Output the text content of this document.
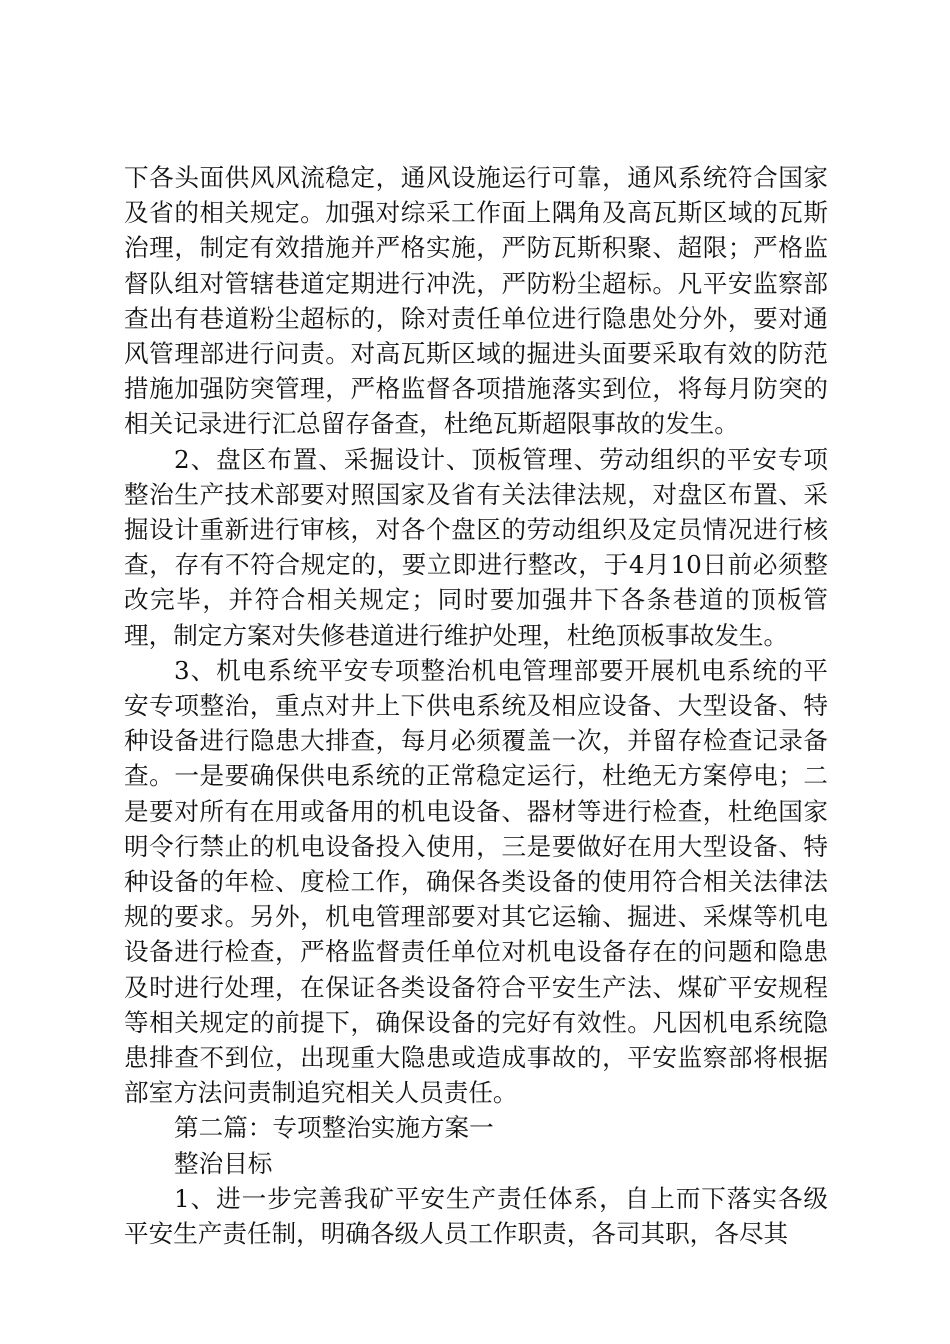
下各头面供风风流稳定，通风设施运行可靠，通风系统符合国家及省的相关规定。加强对综采工作面上隅角及高瓦斯区域的瓦斯治理，制定有效措施并严格实施，严防瓦斯积聚、超限；严格监督队组对管辖巷道定期进行冲洗，严防粉尘超标。凡平安监察部查出有巷道粉尘超标的，除对责任单位进行隐患处分外，要对通风管理部进行问责。对高瓦斯区域的掘进头面要采取有效的防范措施加强防突管理，严格监督各项措施落实到位，将每月防突的相关记录进行汇总留存备查，杜绝瓦斯超限事故的发生。

2、盘区布置、采掘设计、顶板管理、劳动组织的平安专项整治生产技术部要对照国家及省有关法律法规，对盘区布置、采掘设计重新进行审核，对各个盘区的劳动组织及定员情况进行核查，存有不符合规定的，要立即进行整改，于4月10日前必须整改完毕，并符合相关规定；同时要加强井下各条巷道的顶板管理，制定方案对失修巷道进行维护处理，杜绝顶板事故发生。

3、机电系统平安专项整治机电管理部要开展机电系统的平安专项整治，重点对井上下供电系统及相应设备、大型设备、特种设备进行隐患大排查，每月必须覆盖一次，并留存检查记录备查。一是要确保供电系统的正常稳定运行，杜绝无方案停电；二是要对所有在用或备用的机电设备、器材等进行检查，杜绝国家明令行禁止的机电设备投入使用，三是要做好在用大型设备、特种设备的年检、度检工作，确保各类设备的使用符合相关法律法规的要求。另外，机电管理部要对其它运输、掘进、采煤等机电设备进行检查，严格监督责任单位对机电设备存在的问题和隐患及时进行处理，在保证各类设备符合平安生产法、煤矿平安规程等相关规定的前提下，确保设备的完好有效性。凡因机电系统隐患排查不到位，出现重大隐患或造成事故的，平安监察部将根据部室方法问责制追究相关人员责任。

第二篇：专项整治实施方案一

整治目标

1、进一步完善我矿平安生产责任体系，自上而下落实各级平安生产责任制，明确各级人员工作职责，各司其职，各尽其
